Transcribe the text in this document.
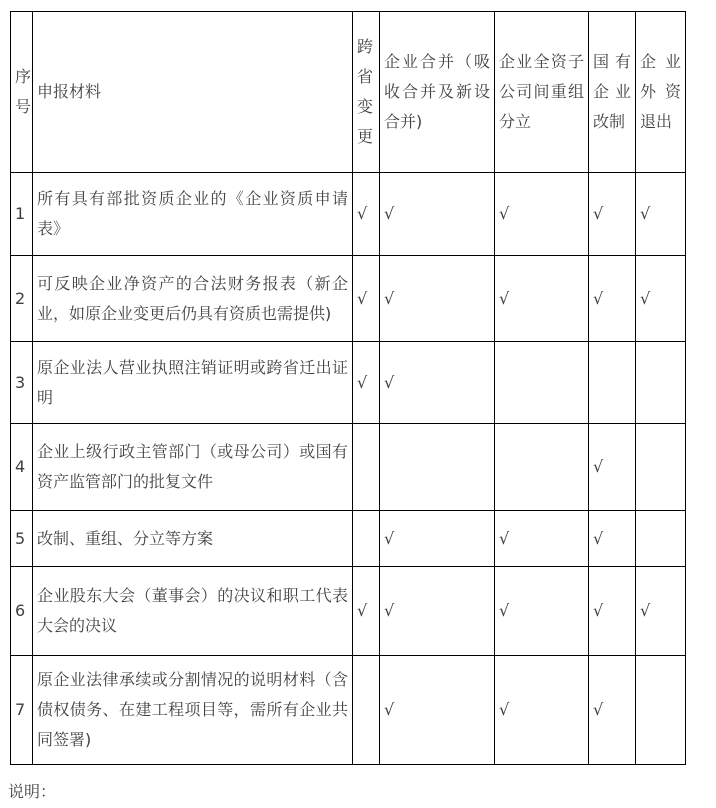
序号	申报材料	跨省变更	企业合并（吸收合并及新设合并)	企业全资子公司间重组分立	国有企业改制	企业外资退出
1	所有具有部批资质企业的《企业资质申请表》	√	√	√	√	√
2	可反映企业净资产的合法财务报表（新企业，如原企业变更后仍具有资质也需提供)	√	√	√	√	√
3	原企业法人营业执照注销证明或跨省迁出证明	√	√			
4	企业上级行政主管部门（或母公司）或国有资产监管部门的批复文件				√	
5	改制、重组、分立等方案		√	√	√	
6	企业股东大会（董事会）的决议和职工代表大会的决议	√	√	√	√	√
7	原企业法律承续或分割情况的说明材料（含债权债务、在建工程项目等，需所有企业共同签署)		√	√	√	
说明：
